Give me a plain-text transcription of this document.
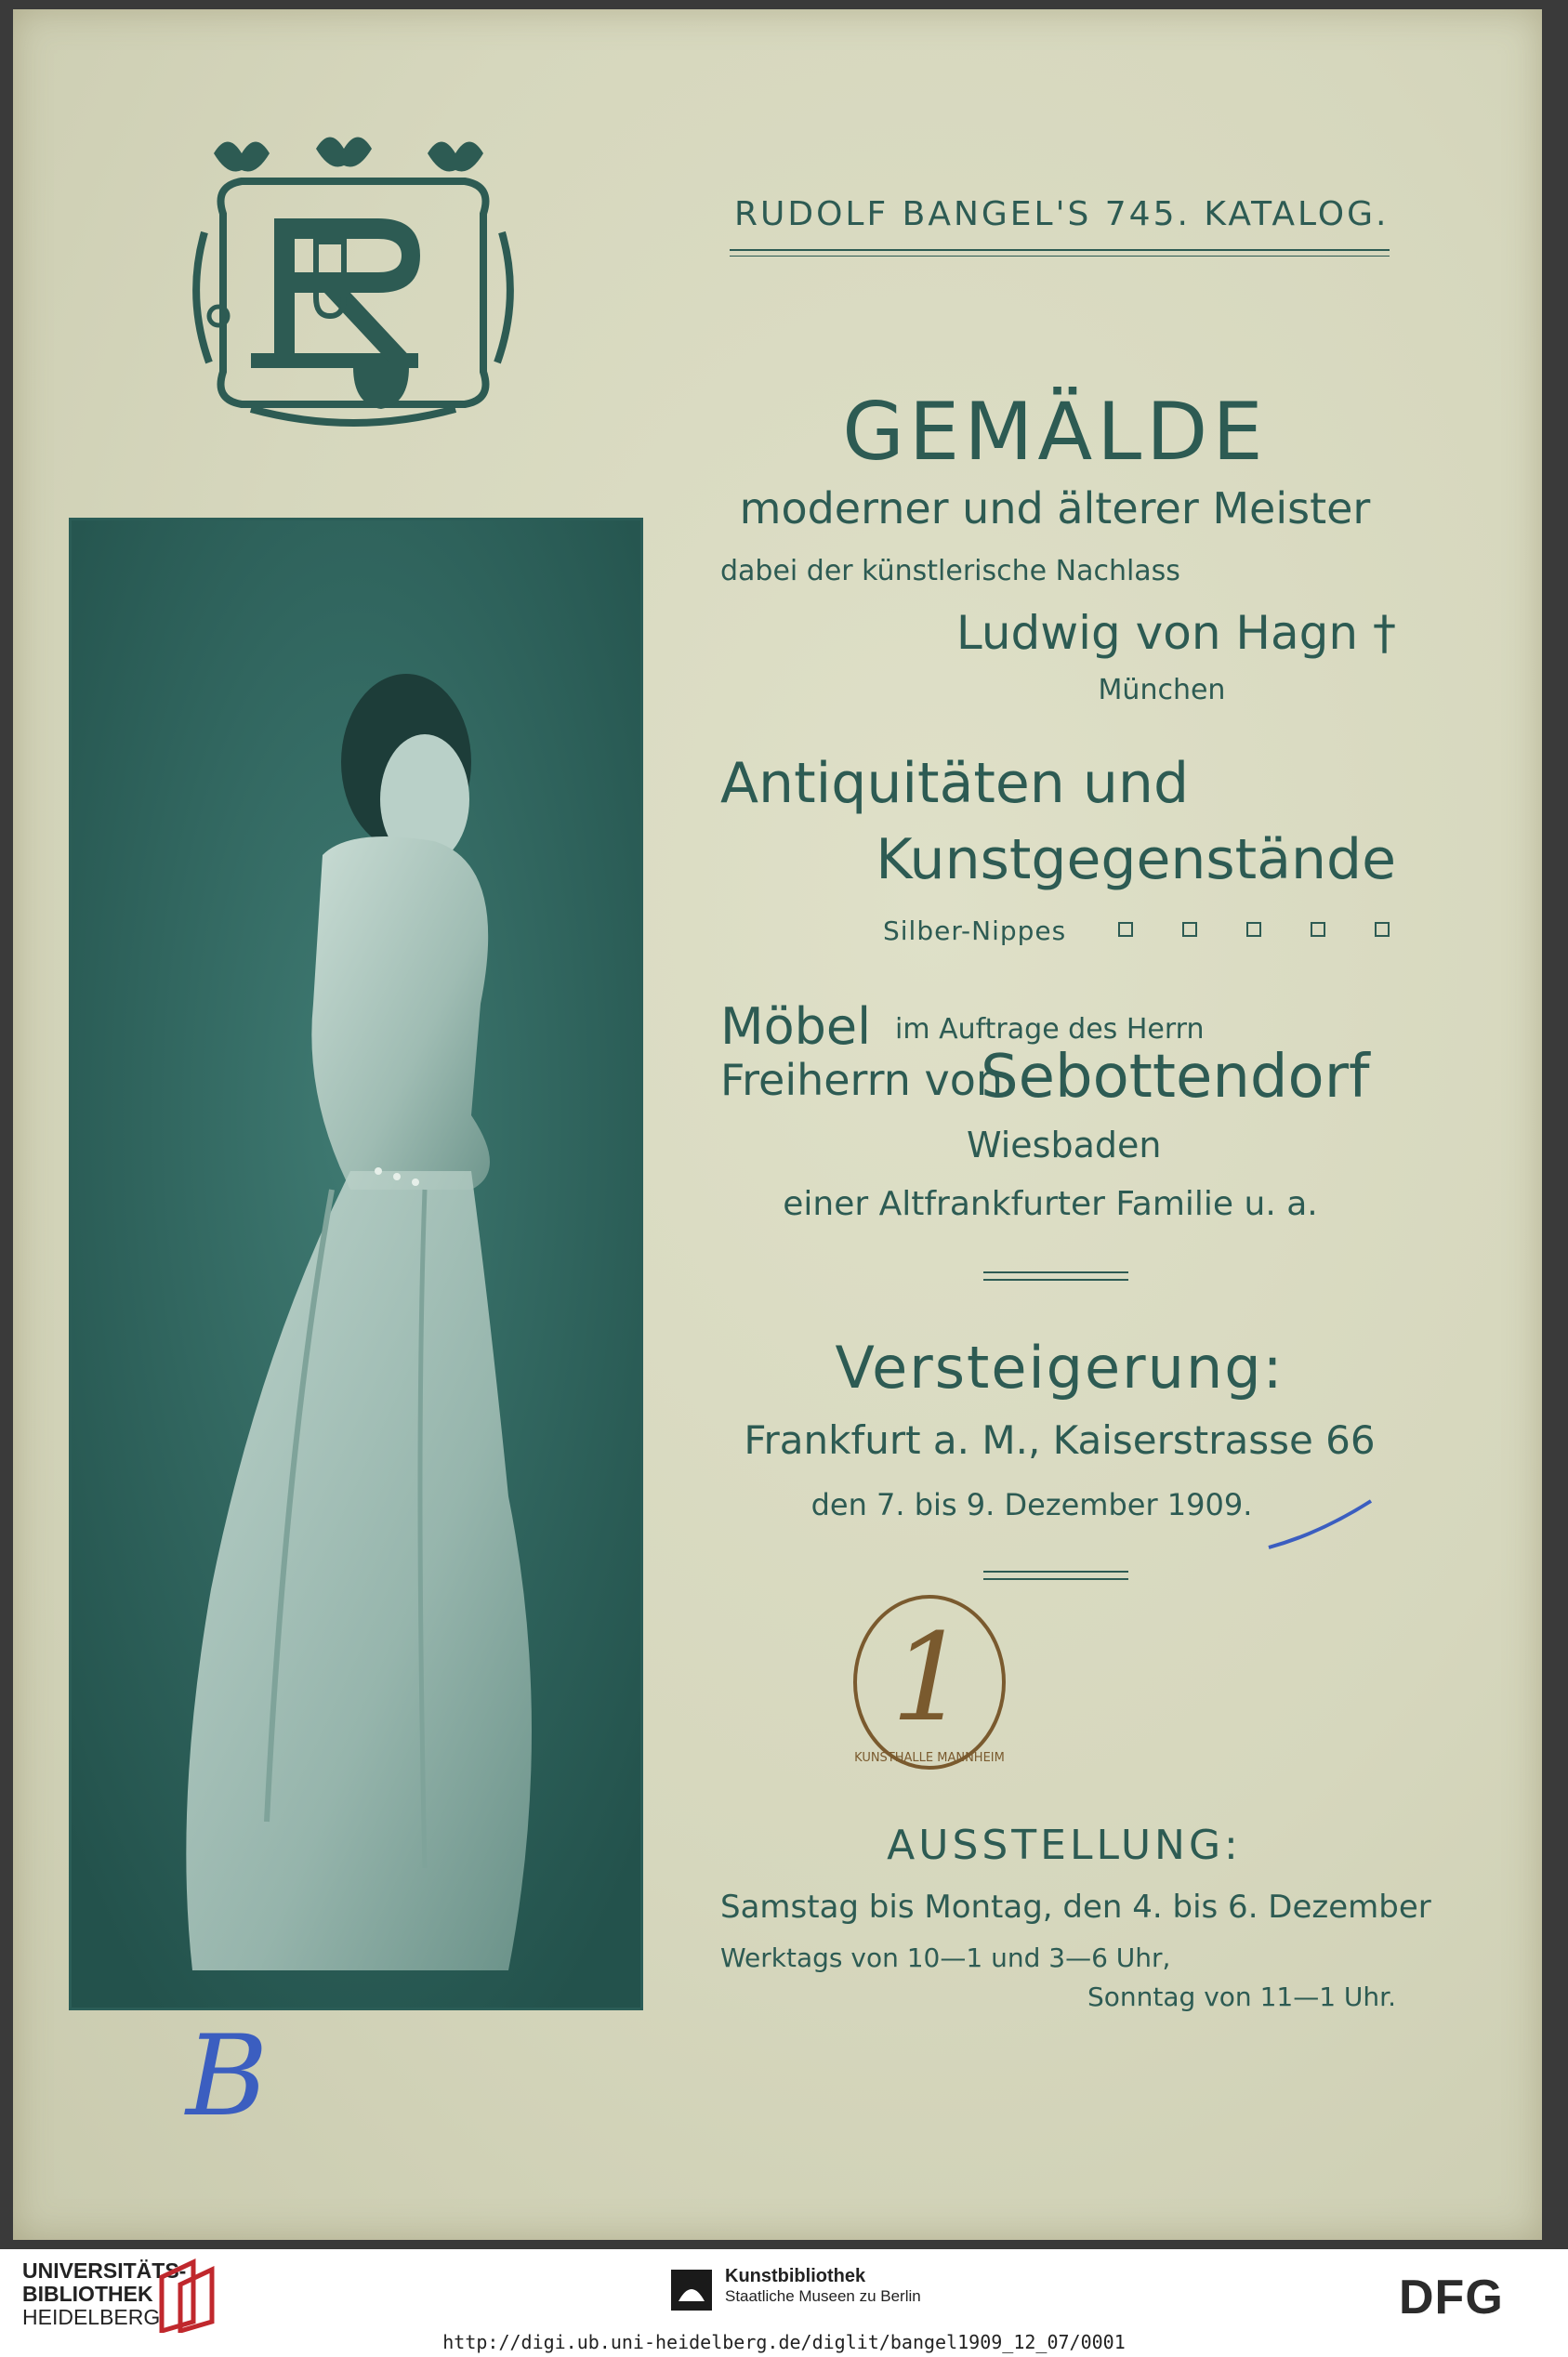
RUDOLF BANGEL'S 745. KATALOG.
GEMÄLDE
moderner und älterer Meister
dabei der künstlerische Nachlass
Ludwig von Hagn †
München
Antiquitäten und
Kunstgegenstände
Silber-Nippes
Möbel im Auftrage des Herrn
Freiherrn von
Sebottendorf
Wiesbaden
einer Altfrankfurter Familie u. a.
Versteigerung:
Frankfurt a. M., Kaiserstrasse 66
den 7. bis 9. Dezember 1909.
1
KUNSTHALLE MANNHEIM
AUSSTELLUNG:
Samstag bis Montag, den 4. bis 6. Dezember
Werktags von 10—1 und 3—6 Uhr,
Sonntag von 11—1 Uhr.
B
UNIVERSITÄTS-
BIBLIOTHEK
HEIDELBERG
Kunstbibliothek
Staatliche Museen zu Berlin	DFG
http://digi.ub.uni-heidelberg.de/diglit/bangel1909_12_07/0001
